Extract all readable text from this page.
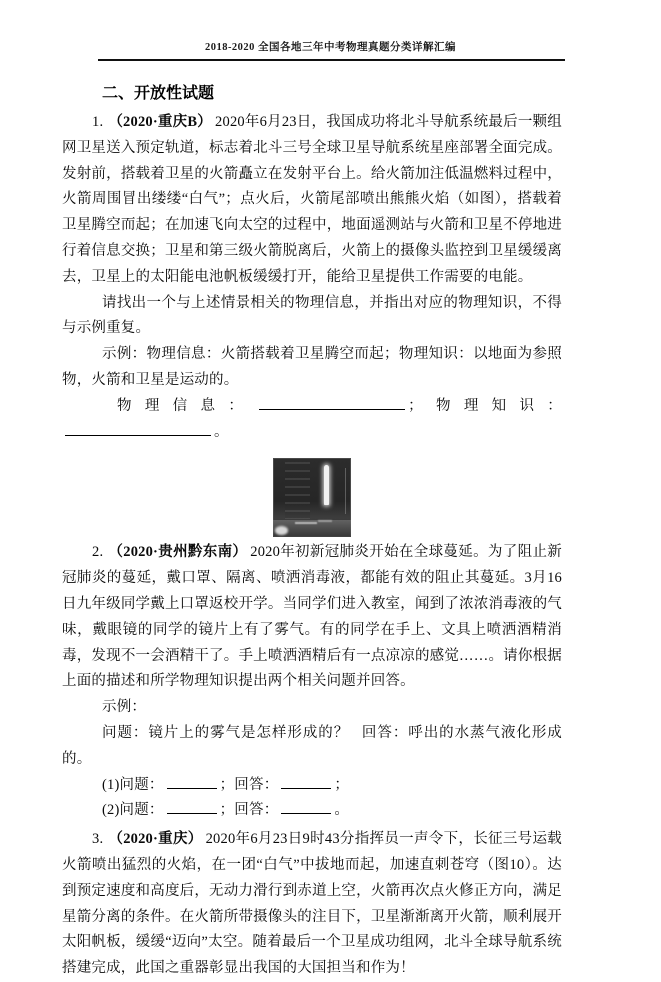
2018-2020 全国各地三年中考物理真题分类详解汇编
二、开放性试题

1. （2020·重庆B） 2020年6月23日，我国成功将北斗导航系统最后一颗组网卫星送入预定轨道，标志着北斗三号全球卫星导航系统星座部署全面完成。发射前，搭载着卫星的火箭矗立在发射平台上。给火箭加注低温燃料过程中，火箭周围冒出缕缕“白气”；点火后，火箭尾部喷出熊熊火焰（如图），搭载着卫星腾空而起；在加速飞向太空的过程中，地面遥测站与火箭和卫星不停地进行着信息交换；卫星和第三级火箭脱离后，火箭上的摄像头监控到卫星缓缓离去，卫星上的太阳能电池帆板缓缓打开，能给卫星提供工作需要的电能。

请找出一个与上述情景相关的物理信息，并指出对应的物理知识，不得与示例重复。

示例：物理信息：火箭搭载着卫星腾空而起；物理知识：以地面为参照物，火箭和卫星是运动的。

物理信息：	；物理知识：。

2. （2020·贵州黔东南） 2020年初新冠肺炎开始在全球蔓延。为了阻止新冠肺炎的蔓延，戴口罩、隔离、喷洒消毒液，都能有效的阻止其蔓延。3月16日九年级同学戴上口罩返校开学。当同学们进入教室，闻到了浓浓消毒液的气味，戴眼镜的同学的镜片上有了雾气。有的同学在手上、文具上喷洒酒精消毒，发现不一会酒精干了。手上喷洒酒精后有一点凉凉的感觉……。请你根据上面的描述和所学物理知识提出两个相关问题并回答。

示例：

问题：镜片上的雾气是怎样形成的？ 回答：呼出的水蒸气液化形成的。

(1)问题：	；回答：	；

(2)问题：	；回答：	。

3. （2020·重庆） 2020年6月23日9时43分指挥员一声令下，长征三号运载火箭喷出猛烈的火焰，在一团“白气”中拔地而起，加速直刺苍穹（图10）。达到预定速度和高度后，无动力滑行到赤道上空，火箭再次点火修正方向，满足星箭分离的条件。在火箭所带摄像头的注目下，卫星渐渐离开火箭，顺利展开太阳帆板，缓缓“迈向”太空。随着最后一个卫星成功组网，北斗全球导航系统搭建完成，此国之重器彰显出我国的大国担当和作为！
